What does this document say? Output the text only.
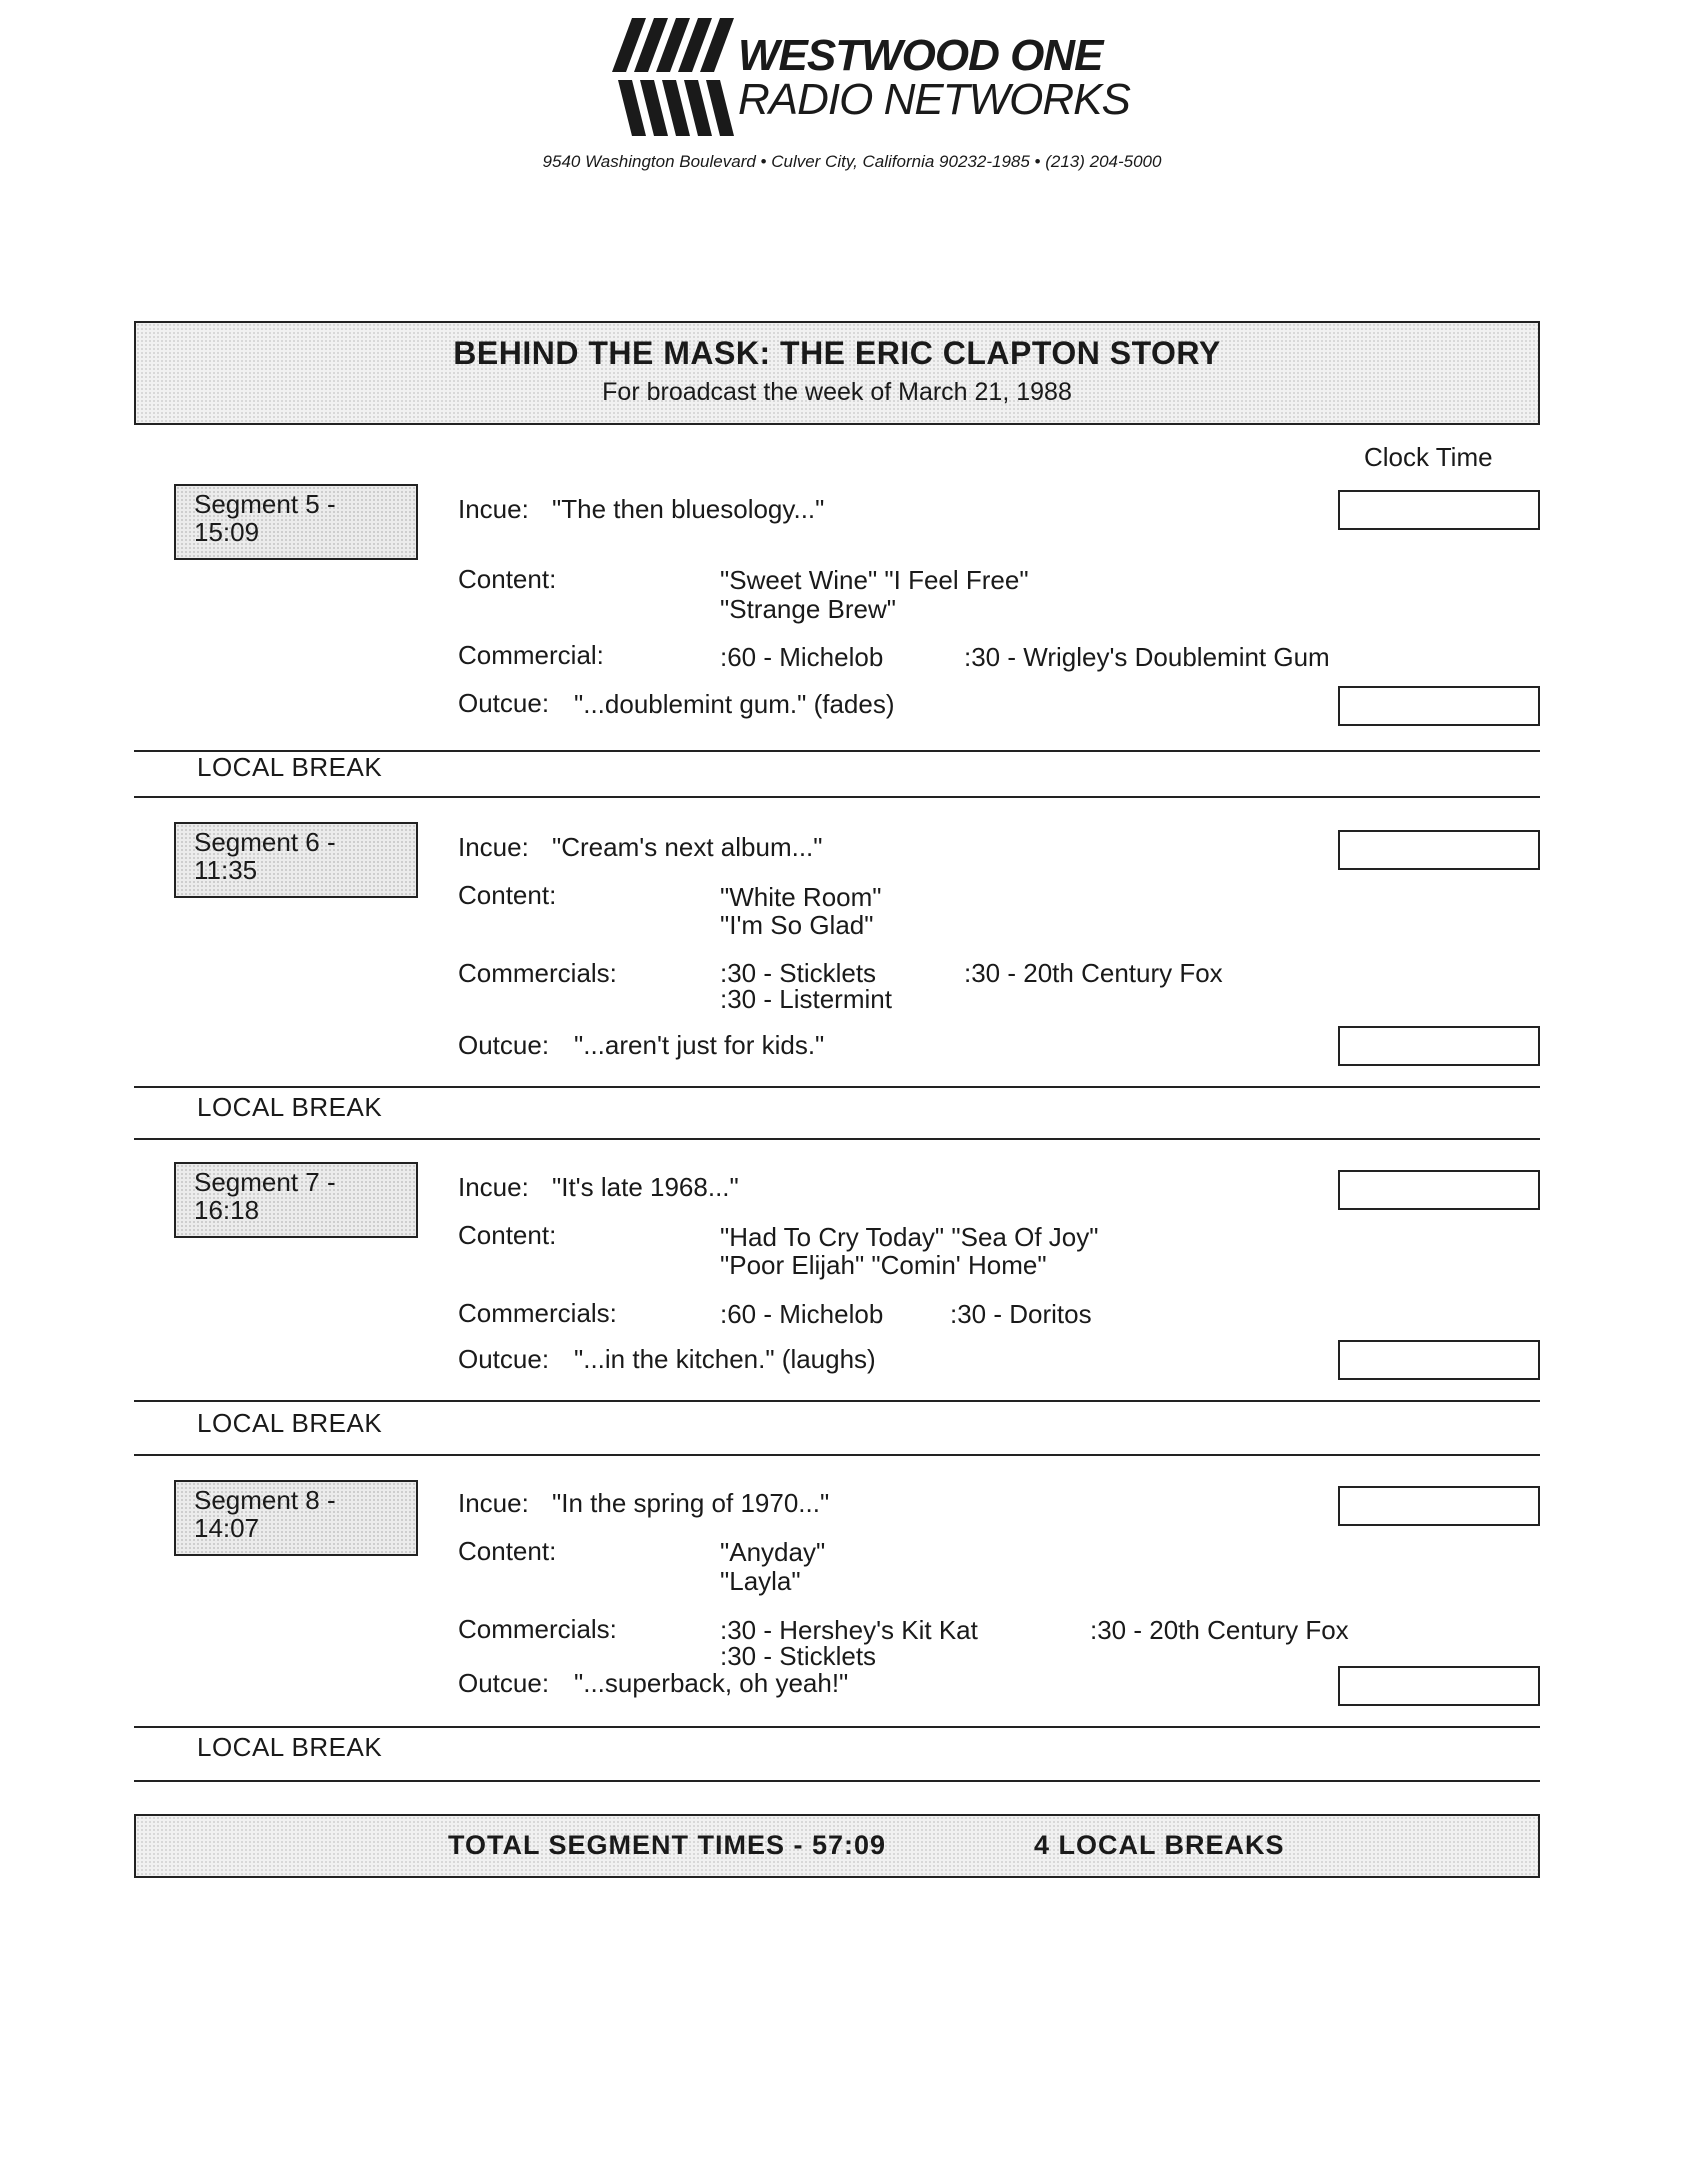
WESTWOOD ONE
RADIO NETWORKS
9540 Washington Boulevard • Culver City, California 90232-1985 • (213) 204-5000
BEHIND THE MASK: THE ERIC CLAPTON STORY
For broadcast the week of March 21, 1988
Clock Time
Segment 5 -
15:09
Incue: "The then bluesology..."
Content:	"Sweet Wine" "I Feel Free"
"Strange Brew"
Commercial:	:60 - Michelob	:30 - Wrigley's Doublemint Gum
Outcue: "...doublemint gum." (fades)
LOCAL BREAK
Segment 6 -
11:35
Incue: "Cream's next album..."
Content:	"White Room"
"I'm So Glad"
Commercials:	:30 - Sticklets	:30 - 20th Century Fox
:30 - Listermint
Outcue: "...aren't just for kids."
LOCAL BREAK
Segment 7 -
16:18
Incue: "It's late 1968..."
Content:	"Had To Cry Today" "Sea Of Joy"
"Poor Elijah" "Comin' Home"
Commercials:	:60 - Michelob	:30 - Doritos
Outcue: "...in the kitchen." (laughs)
LOCAL BREAK
Segment 8 -
14:07
Incue: "In the spring of 1970..."
Content:	"Anyday"
"Layla"
Commercials:	:30 - Hershey's Kit Kat	:30 - 20th Century Fox
:30 - Sticklets
Outcue: "...superback, oh yeah!"
LOCAL BREAK
TOTAL SEGMENT TIMES - 57:09	4 LOCAL BREAKS
